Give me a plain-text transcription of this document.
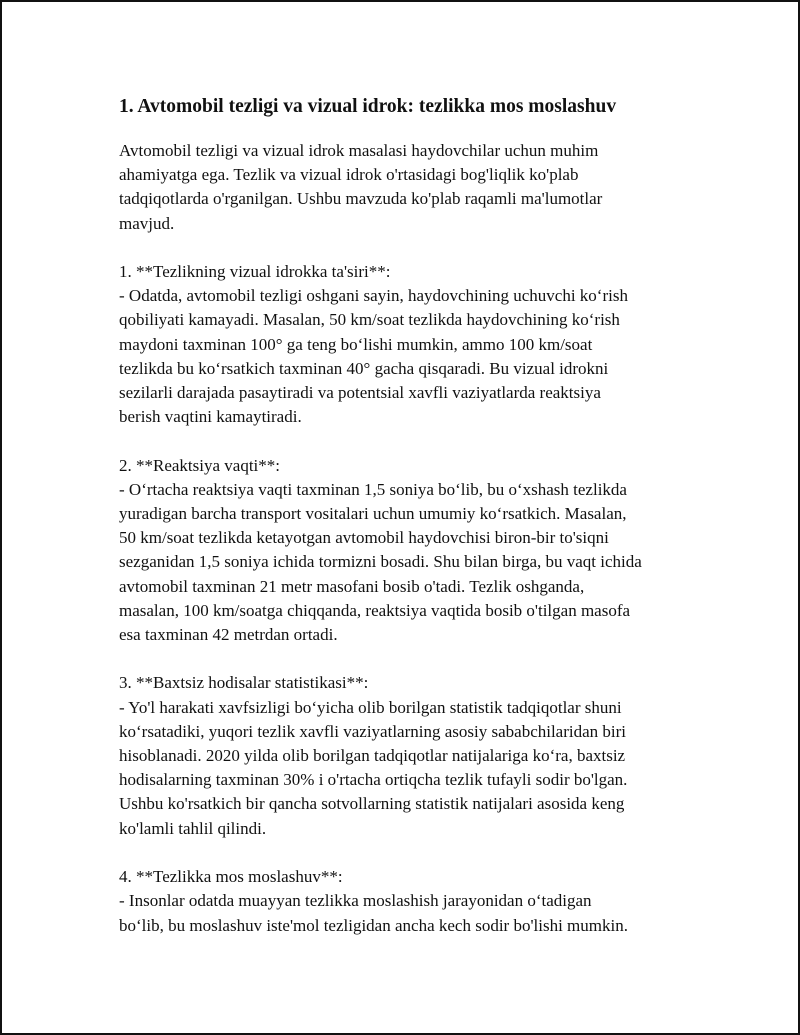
1. Avtomobil tezligi va vizual idrok: tezlikka mos moslashuv

Avtomobil tezligi va vizual idrok masalasi haydovchilar uchun muhim
ahamiyatga ega. Tezlik va vizual idrok o'rtasidagi bog'liqlik ko'plab
tadqiqotlarda o'rganilgan. Ushbu mavzuda ko'plab raqamli ma'lumotlar
mavjud.

1. **Tezlikning vizual idrokka ta'siri**:
- Odatda, avtomobil tezligi oshgani sayin, haydovchining uchuvchi ko‘rish
qobiliyati kamayadi. Masalan, 50 km/soat tezlikda haydovchining ko‘rish
maydoni taxminan 100° ga teng bo‘lishi mumkin, ammo 100 km/soat
tezlikda bu ko‘rsatkich taxminan 40° gacha qisqaradi. Bu vizual idrokni
sezilarli darajada pasaytiradi va potentsial xavfli vaziyatlarda reaktsiya
berish vaqtini kamaytiradi.

2. **Reaktsiya vaqti**:
- O‘rtacha reaktsiya vaqti taxminan 1,5 soniya bo‘lib, bu o‘xshash tezlikda
yuradigan barcha transport vositalari uchun umumiy ko‘rsatkich. Masalan,
50 km/soat tezlikda ketayotgan avtomobil haydovchisi biron-bir to'siqni
sezganidan 1,5 soniya ichida tormizni bosadi. Shu bilan birga, bu vaqt ichida
avtomobil taxminan 21 metr masofani bosib o'tadi. Tezlik oshganda,
masalan, 100 km/soatga chiqqanda, reaktsiya vaqtida bosib o'tilgan masofa
esa taxminan 42 metrdan ortadi.

3. **Baxtsiz hodisalar statistikasi**:
- Yo'l harakati xavfsizligi bo‘yicha olib borilgan statistik tadqiqotlar shuni
ko‘rsatadiki, yuqori tezlik xavfli vaziyatlarning asosiy sababchilaridan biri
hisoblanadi. 2020 yilda olib borilgan tadqiqotlar natijalariga ko‘ra, baxtsiz
hodisalarning taxminan 30% i o'rtacha ortiqcha tezlik tufayli sodir bo'lgan.
Ushbu ko'rsatkich bir qancha sotvollarning statistik natijalari asosida keng
ko'lamli tahlil qilindi.

4. **Tezlikka mos moslashuv**:
- Insonlar odatda muayyan tezlikka moslashish jarayonidan o‘tadigan
bo‘lib, bu moslashuv iste'mol tezligidan ancha kech sodir bo'lishi mumkin.
